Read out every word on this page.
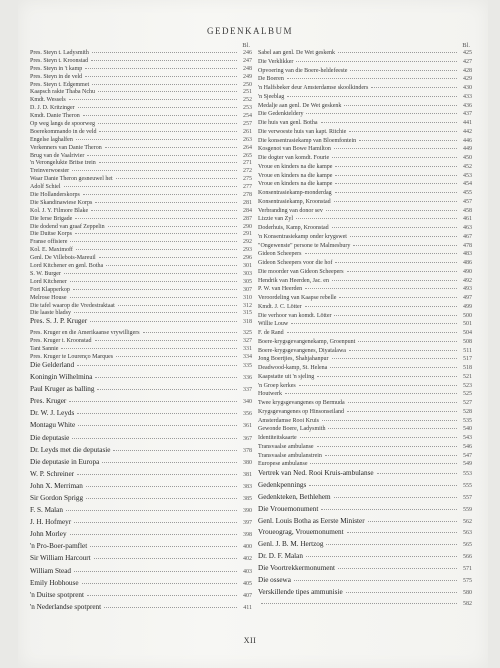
GEDENKALBUM
Bl.
Pres. Steyn t. Ladysmith	246
Pres. Steyn t. Kroonstad	247
Pres. Steyn in 't kamp	248
Pres. Steyn in de veld	249
Pres. Steyn t. Edgemmet	250
Kaapsch rakte Thaba Nchu	251
Kmdt. Wessels	252
D. J. D. Kritzinger	253
Kmdt. Danie Theron	254
Op weg langs de spoorweg	257
Boerekommando in de veld	261
Engelse laghalfen	263
Verkenners van Danie Theron	264
Brug van de Vaalrivier	265
'n Verongelukte Britse trein	271
Treinverwoester	272
Waar Danie Theron gesneuwel het	275
Adolf Schiel	277
Die Hollanderskorps	278
Die Skandinawiese Korps	281
Kol. J. Y. Filmore Blake	284
Die Ierse Brigade	287
Die dodend van graaf Zeppelin	290
Die Duitse Korps	291
Franse offisiere	292
Kol. E. Maximoff	293
Genl. De Villebois-Mareuil	296
Lord Kitchener en genl. Botha	301
S. W. Burger	303
Lord Kitchener	305
Fort Klapperkop	307
Melrose House	310
Die tafel waarop die Vredestraktaat	312
Die laaste bladsy	315
Pres. S. J. P. Kruger	318
Pres. Kruger en die Amerikaanse vrywilligers	325
Pres. Kruger t. Kroonstad	327
Tant Sannie	331
Pres. Kruger te Lourenço Marques	334
Die Gelderland	335
Koningin Wilhelmina	336
Paul Kruger as balling	337
Pres. Kruger	340
Dr. W. J. Leyds	356
Montagu White	361
Die deputasie	367
Dr. Leyds met die deputasie	378
Die deputasie in Europa	380
W. P. Schreiner	381
John X. Merriman	383
Sir Gordon Sprigg	385
F. S. Malan	390
J. H. Hofmeyr	397
John Morley	398
'n Pro-Boer-pamflet	400
Sir William Harcourt	402
William Stead	403
Emily Hobhouse	405
'n Duitse spotprent	407
'n Nederlandse spotprent	411
Bl.
Sabel aan genl. De Wet geskenk	425
Die Verklikker	427
Opvoering van die Boere-heldefeeste	428
De Boeren	429
'n Halfsbeker deur Amsterdamse skoolkinders	430
'n Sjeeblag	433
Medalje aan genl. De Wet geskenk	436
Die Gedenkteldery	437
Die huis van genl. Botha	441
Die verwoeste huis van kapt. Ritchie	442
Die konsentrasiekamp van Bloemfontein	446
Kosgenot van Bowe Hamilton	449
Die dogter van komdt. Fourie	450
Vroue en kinders na die kampe	452
Vroue en kinders na die kampe	453
Vroue en kinders na die kampe	454
Konsentrasiekamp-monderdag	455
Konsentrasiekamp, Kroonstad	457
Verbranding van donor sev	458
Lizzie van Zyl	461
Doderhuis, Kamp, Kroonstad	463
'n Konsentrasiekamp onder krygswet	467
"Ongewenste" persone te Malmesbury	478
Gideon Scheepers	483
Gideon Scheepers voor die hof	486
Die moorder van Gideon Scheepers	490
Hendrik van Heerden, Jac. en	492
P. W. van Heerden	493
Veroordeling van Kaapse rebelle	497
Kmdt. J. C. Lötter	499
Die verhoor van komdt. Lötter	500
Willie Louw	501
F. de Rand	504
Boere-krygsgevangenekamp, Groenpunt	508
Boere-krygsgevangenes, Diyatalawa	511
Jong Boertjies, Shahjahanpur	517
Deadwood-kamp, St. Helena	518
Kaapstatte uit 'n sjeling	521
'n Groep kerkes	523
Houtwerk	525
Twee krygsgevangenes op Bermuda	527
Krygsgevangenes op Hinsonseiland	528
Amsterdamse Rooi Kruis	535
Gewonde Boere, Ladysmith	540
Identiteitskaarte	543
Transvaalse ambulanse	546
Transvaalse ambulanstrein	547
Europese ambulanse	549
Vertrek van Ned. Rooi Kruis-ambulanse	553
Gedenkpennings	555
Gedenkteken, Bethlehem	557
Die Vrouemonument	559
Genl. Louis Botha as Eerste Minister	562
Vroueograg, Vrouemonument	563
Genl. J. B. M. Hertzog	565
Dr. D. F. Malan	566
Die Voortrekkermonument	571
Die ossewa	575
Verskillende tipes ammunisie	580
582
XII
